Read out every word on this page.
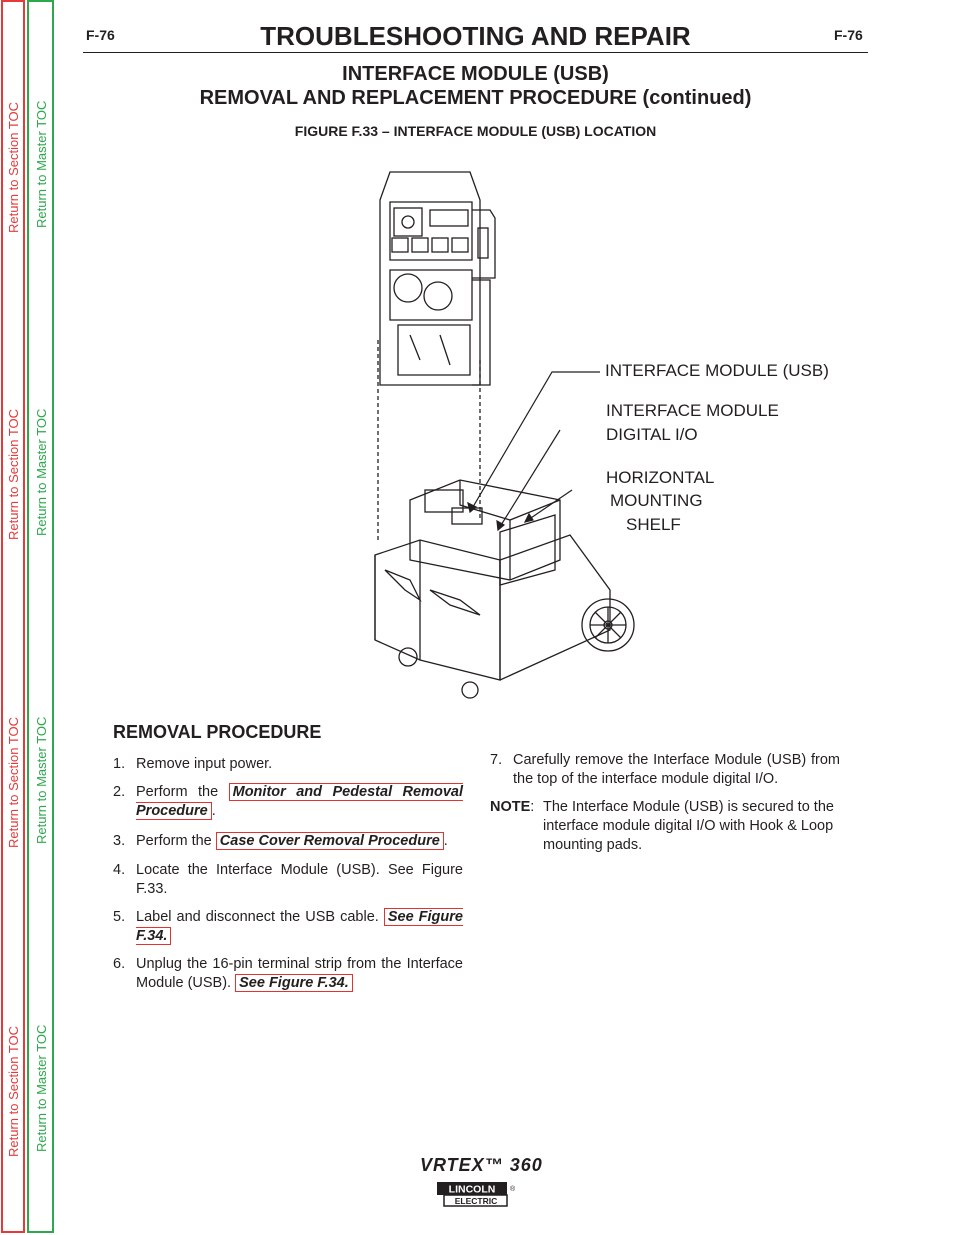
Return to Section TOC
Return to Section TOC
Return to Section TOC
Return to Section TOC
Return to Master TOC
Return to Master TOC
Return to Master TOC
Return to Master TOC
F-76	F-76
TROUBLESHOOTING AND REPAIR
INTERFACE MODULE (USB)
REMOVAL AND REPLACEMENT PROCEDURE (continued)
FIGURE F.33 – INTERFACE MODULE (USB) LOCATION
INTERFACE MODULE (USB)
INTERFACE MODULE
DIGITAL I/O
HORIZONTAL
MOUNTING
SHELF
REMOVAL PROCEDURE
1. Remove input power.
2. Perform the Monitor and Pedestal Removal Procedure .
3. Perform the Case Cover Removal Procedure .
4. Locate the Interface Module (USB). See Figure F.33.
5. Label and disconnect the USB cable. See Figure F.34.
6. Unplug the 16-pin terminal strip from the Interface Module (USB). See Figure F.34.
7. Carefully remove the Interface Module (USB) from the top of the interface module digital I/O.
NOTE: The Interface Module (USB) is secured to the interface module digital I/O with Hook & Loop mounting pads.
VRTEX™ 360
LINCOLN
ELECTRIC
®
